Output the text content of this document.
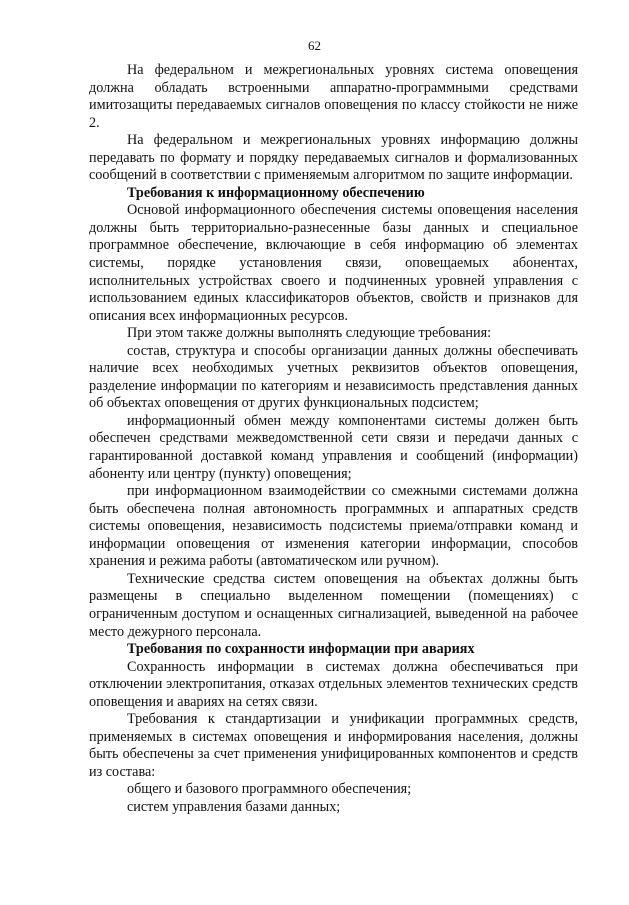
62

На федеральном и межрегиональных уровнях система оповещения должна обладать встроенными аппаратно-программными средствами имитозащиты передаваемых сигналов оповещения по классу стойкости не ниже 2.

На федеральном и межрегиональных уровнях информацию должны передавать по формату и порядку передаваемых сигналов и формализованных сообщений в соответствии с применяемым алгоритмом по защите информации.

Требования к информационному обеспечению

Основой информационного обеспечения системы оповещения населения должны быть территориально-разнесенные базы данных и специальное программное обеспечение, включающие в себя информацию об элементах системы, порядке установления связи, оповещаемых абонентах, исполнительных устройствах своего и подчиненных уровней управления с использованием единых классификаторов объектов, свойств и признаков для описания всех информационных ресурсов.

При этом также должны выполнять следующие требования:

состав, структура и способы организации данных должны обеспечивать наличие всех необходимых учетных реквизитов объектов оповещения, разделение информации по категориям и независимость представления данных об объектах оповещения от других функциональных подсистем;

информационный обмен между компонентами системы должен быть обеспечен средствами межведомственной сети связи и передачи данных с гарантированной доставкой команд управления и сообщений (информации) абоненту или центру (пункту) оповещения;

при информационном взаимодействии со смежными системами должна быть обеспечена полная автономность программных и аппаратных средств системы оповещения, независимость подсистемы приема/отправки команд и информации оповещения от изменения категории информации, способов хранения и режима работы (автоматическом или ручном).

Технические средства систем оповещения на объектах должны быть размещены в специально выделенном помещении (помещениях) с ограниченным доступом и оснащенных сигнализацией, выведенной на рабочее место дежурного персонала.

Требования по сохранности информации при авариях

Сохранность информации в системах должна обеспечиваться при отключении электропитания, отказах отдельных элементов технических средств оповещения и авариях на сетях связи.

Требования к стандартизации и унификации программных средств, применяемых в системах оповещения и информирования населения, должны быть обеспечены за счет применения унифицированных компонентов и средств из состава:

общего и базового программного обеспечения;

систем управления базами данных;
